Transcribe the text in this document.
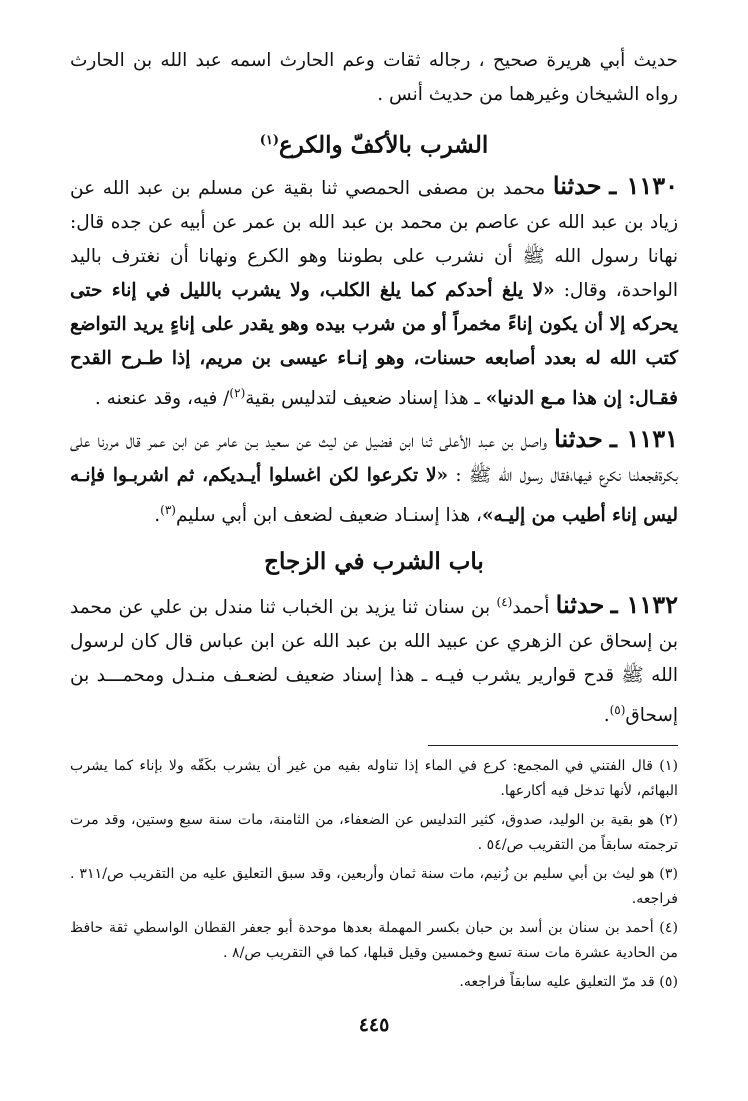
حديث أبي هريرة صحيح ، رجاله ثقات وعم الحارث اسمه عبد الله بن الحارث رواه الشيخان وغيرهما من حديث أنس .

الشرب بالأكفّ والكرع$^{(١)}$

١١٣٠ ـ حدثنا محمد بن مصفى الحمصي ثنا بقية عن مسلم بن عبد الله عن زياد بن عبد الله عن عاصم بن محمد بن عبد الله بن عمر عن أبيه عن جده قال: نهانا رسول الله ﷺ أن نشرب على بطوننا وهو الكرع ونهانا أن نغترف باليد الواحدة، وقال: «لا يلغ أحدكم كما يلغ الكلب، ولا يشرب بالليل في إناء حتى يحركه إلا أن يكون إناءً مخمراً أو من شرب بيده وهو يقدر على إناءٍ يريد التواضع كتب الله له بعدد أصابعه حسنات، وهو إنـاء عيسى بن مريم، إذا طـرح القدح فقـال: إن هذا مـع الدنيا» ـ هذا إسناد ضعيف لتدليس بقية$^{(٢)}$/ فيه، وقد عنعنه .

١١٣١ ـ حدثنا واصل بن عبد الأعلى ثنا ابن فضيل عن ليث عن سعيد بـن عامر عن ابن عمر قال مررنا على بكرةفجعلنا نكرع فيها،فقال رسول الله ﷺ : «لا تكرعوا لكن اغسلوا أيـديكم، ثم اشربـوا فإنـه ليس إناء أطيب من إليـه»، هذا إسنـاد ضعيف لضعف ابن أبي سليم$^{(٣)}$.

باب الشرب في الزجاج

١١٣٢ ـ حدثنا أحمد$^{(٤)}$ بن سنان ثنا يزيد بن الخباب ثنا مندل بن علي عن محمد بن إسحاق عن الزهري عن عبيد الله بن عبد الله عن ابن عباس قال كان لرسول الله ﷺ قدح قوارير يشرب فيـه ـ هذا إسناد ضعيف لضعـف منـدل ومحمـــد بن إسحاق$^{(٥)}$.

(١) قال الفتني في المجمع: كرع في الماء إذا تناوله بفيه من غير أن يشرب بكَفّه ولا بإناء كما يشرب البهائم، لأنها تدخل فيه أكارعها.

(٢) هو بقية بن الوليد، صدوق، كثير التدليس عن الضعفاء، من الثامنة، مات سنة سبع وستين، وقد مرت ترجمته سابقاً من التقريب ص/٥٤ .

(٣) هو ليث بن أبي سليم بن زُنيم، مات سنة ثمان وأربعين، وقد سبق التعليق عليه من التقريب ص/٣١١ . فراجعه.

(٤) أحمد بن سنان بن أسد بن حبان بكسر المهملة بعدها موحدة أبو جعفر القطان الواسطي ثقة حافظ من الحادية عشرة مات سنة تسع وخمسين وقيل قبلها، كما في التقريب ص/٨ .

(٥) قد مرّ التعليق عليه سابقاً فراجعه.

٤٤٥
